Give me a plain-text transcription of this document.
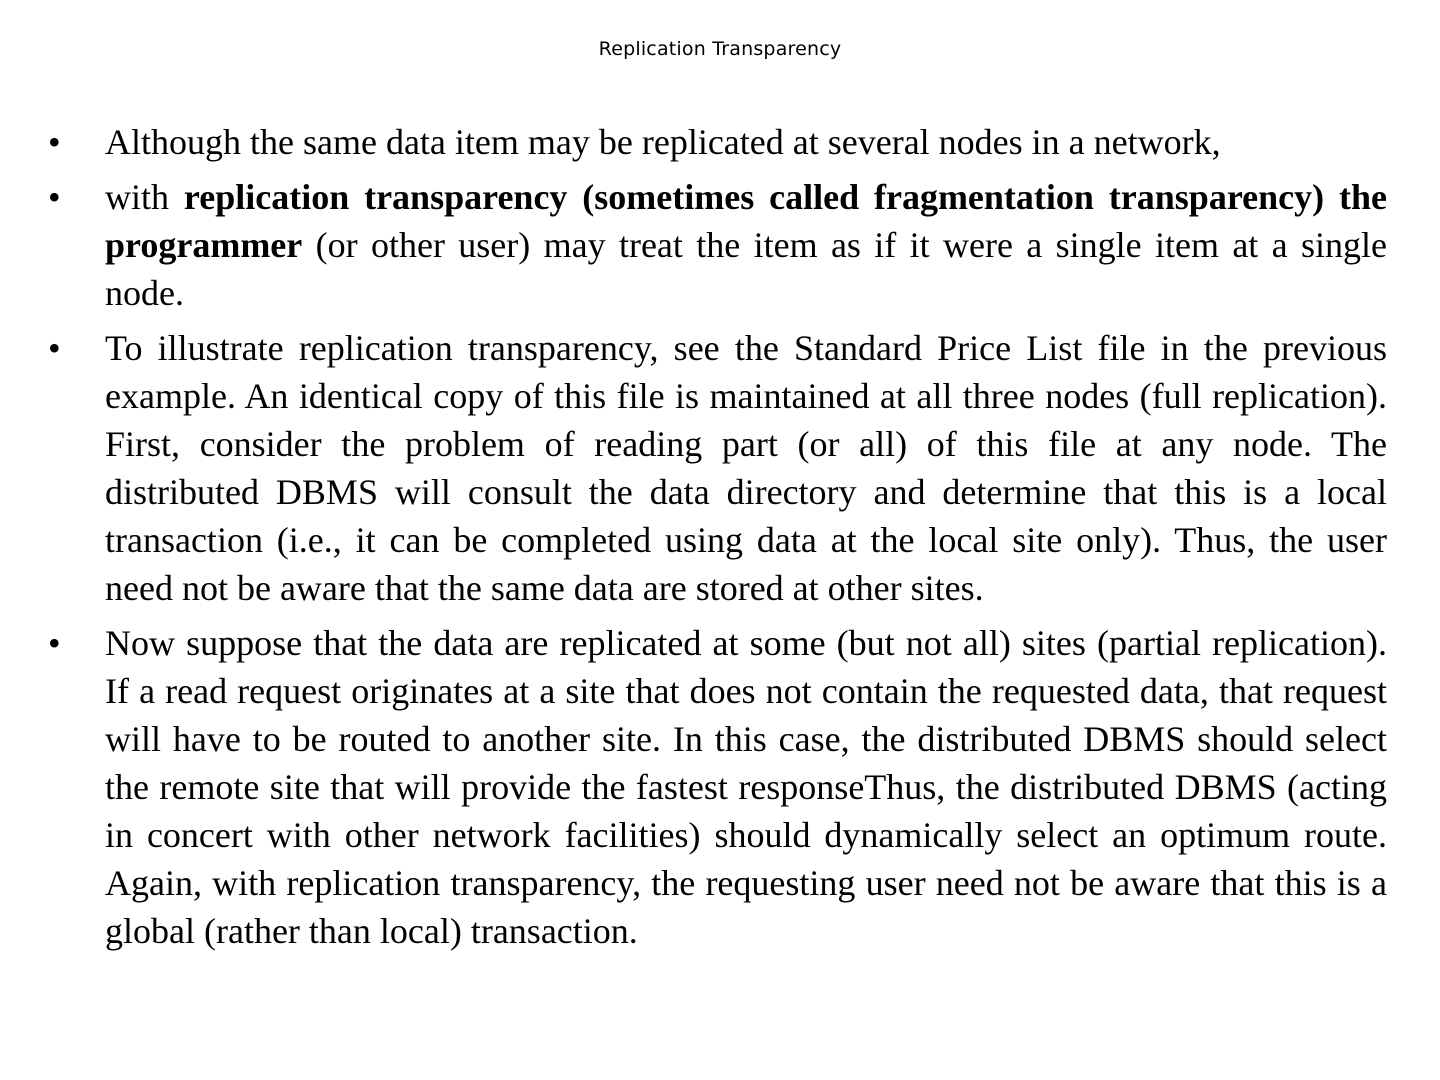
Replication Transparency
• Although the same data item may be replicated at several nodes in a network,
• with replication transparency (sometimes called fragmentation transparency) the programmer (or other user) may treat the item as if it were a single item at a single node.
• To illustrate replication transparency, see the Standard Price List file in the previous example. An identical copy of this file is maintained at all three nodes (full replication). First, consider the problem of reading part (or all) of this file at any node. The distributed DBMS will consult the data directory and determine that this is a local transaction (i.e., it can be completed using data at the local site only). Thus, the user need not be aware that the same data are stored at other sites.
• Now suppose that the data are replicated at some (but not all) sites (partial replication). If a read request originates at a site that does not contain the requested data, that request will have to be routed to another site. In this case, the distributed DBMS should select the remote site that will provide the fastest responseThus, the distributed DBMS (acting in concert with other network facilities) should dynamically select an optimum route. Again, with replication transparency, the requesting user need not be aware that this is a global (rather than local) transaction.
